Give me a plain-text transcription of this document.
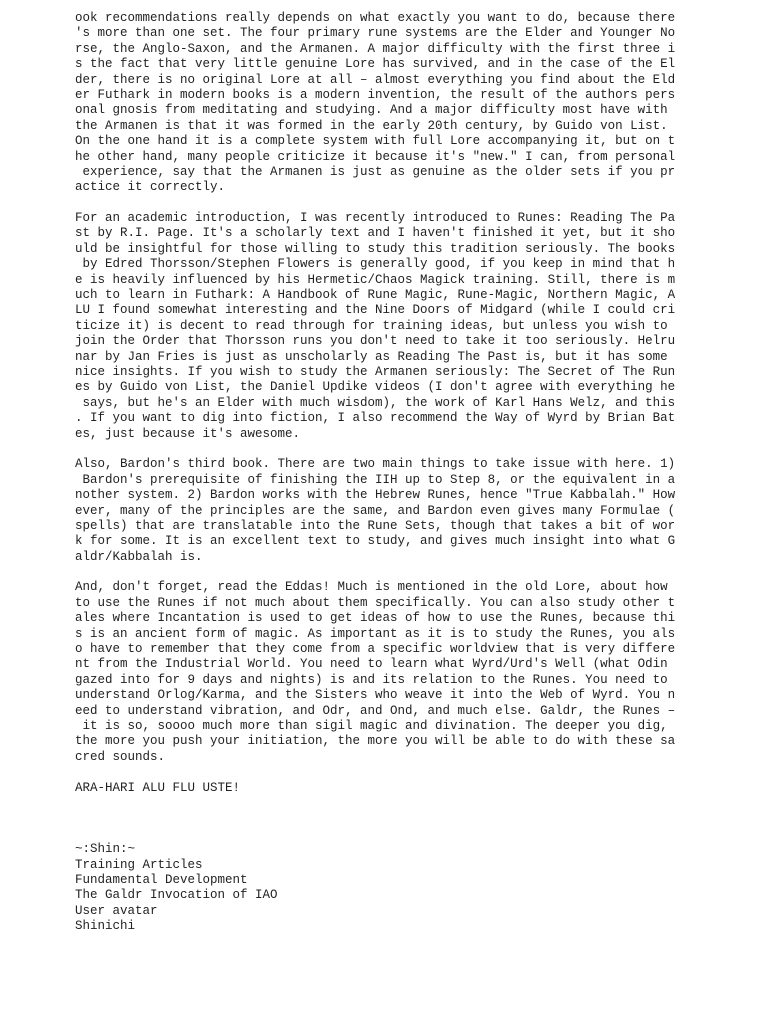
ook recommendations really depends on what exactly you want to do, because there
's more than one set. The four primary rune systems are the Elder and Younger No
rse, the Anglo-Saxon, and the Armanen. A major difficulty with the first three i
s the fact that very little genuine Lore has survived, and in the case of the El
der, there is no original Lore at all – almost everything you find about the Eld
er Futhark in modern books is a modern invention, the result of the authors pers
onal gnosis from meditating and studying. And a major difficulty most have with
the Armanen is that it was formed in the early 20th century, by Guido von List.
On the one hand it is a complete system with full Lore accompanying it, but on t
he other hand, many people criticize it because it's "new." I can, from personal
experience, say that the Armanen is just as genuine as the older sets if you pr
actice it correctly.
For an academic introduction, I was recently introduced to Runes: Reading The Pa
st by R.I. Page. It's a scholarly text and I haven't finished it yet, but it sho
uld be insightful for those willing to study this tradition seriously. The books
by Edred Thorsson/Stephen Flowers is generally good, if you keep in mind that h
e is heavily influenced by his Hermetic/Chaos Magick training. Still, there is m
uch to learn in Futhark: A Handbook of Rune Magic, Rune-Magic, Northern Magic, A
LU I found somewhat interesting and the Nine Doors of Midgard (while I could cri
ticize it) is decent to read through for training ideas, but unless you wish to
join the Order that Thorsson runs you don't need to take it too seriously. Helru
nar by Jan Fries is just as unscholarly as Reading The Past is, but it has some
nice insights. If you wish to study the Armanen seriously: The Secret of The Run
es by Guido von List, the Daniel Updike videos (I don't agree with everything he
says, but he's an Elder with much wisdom), the work of Karl Hans Welz, and this
. If you want to dig into fiction, I also recommend the Way of Wyrd by Brian Bat
es, just because it's awesome.
Also, Bardon's third book. There are two main things to take issue with here. 1)
Bardon's prerequisite of finishing the IIH up to Step 8, or the equivalent in a
nother system. 2) Bardon works with the Hebrew Runes, hence "True Kabbalah." How
ever, many of the principles are the same, and Bardon even gives many Formulae (
spells) that are translatable into the Rune Sets, though that takes a bit of wor
k for some. It is an excellent text to study, and gives much insight into what G
aldr/Kabbalah is.
And, don't forget, read the Eddas! Much is mentioned in the old Lore, about how
to use the Runes if not much about them specifically. You can also study other t
ales where Incantation is used to get ideas of how to use the Runes, because thi
s is an ancient form of magic. As important as it is to study the Runes, you als
o have to remember that they come from a specific worldview that is very differe
nt from the Industrial World. You need to learn what Wyrd/Urd's Well (what Odin
gazed into for 9 days and nights) is and its relation to the Runes. You need to
understand Orlog/Karma, and the Sisters who weave it into the Web of Wyrd. You n
eed to understand vibration, and Odr, and Ond, and much else. Galdr, the Runes –
it is so, soooo much more than sigil magic and divination. The deeper you dig,
the more you push your initiation, the more you will be able to do with these sa
cred sounds.
ARA-HARI ALU FLU USTE!
~:Shin:~
Training Articles
Fundamental Development
The Galdr Invocation of IAO
User avatar
Shinichi
